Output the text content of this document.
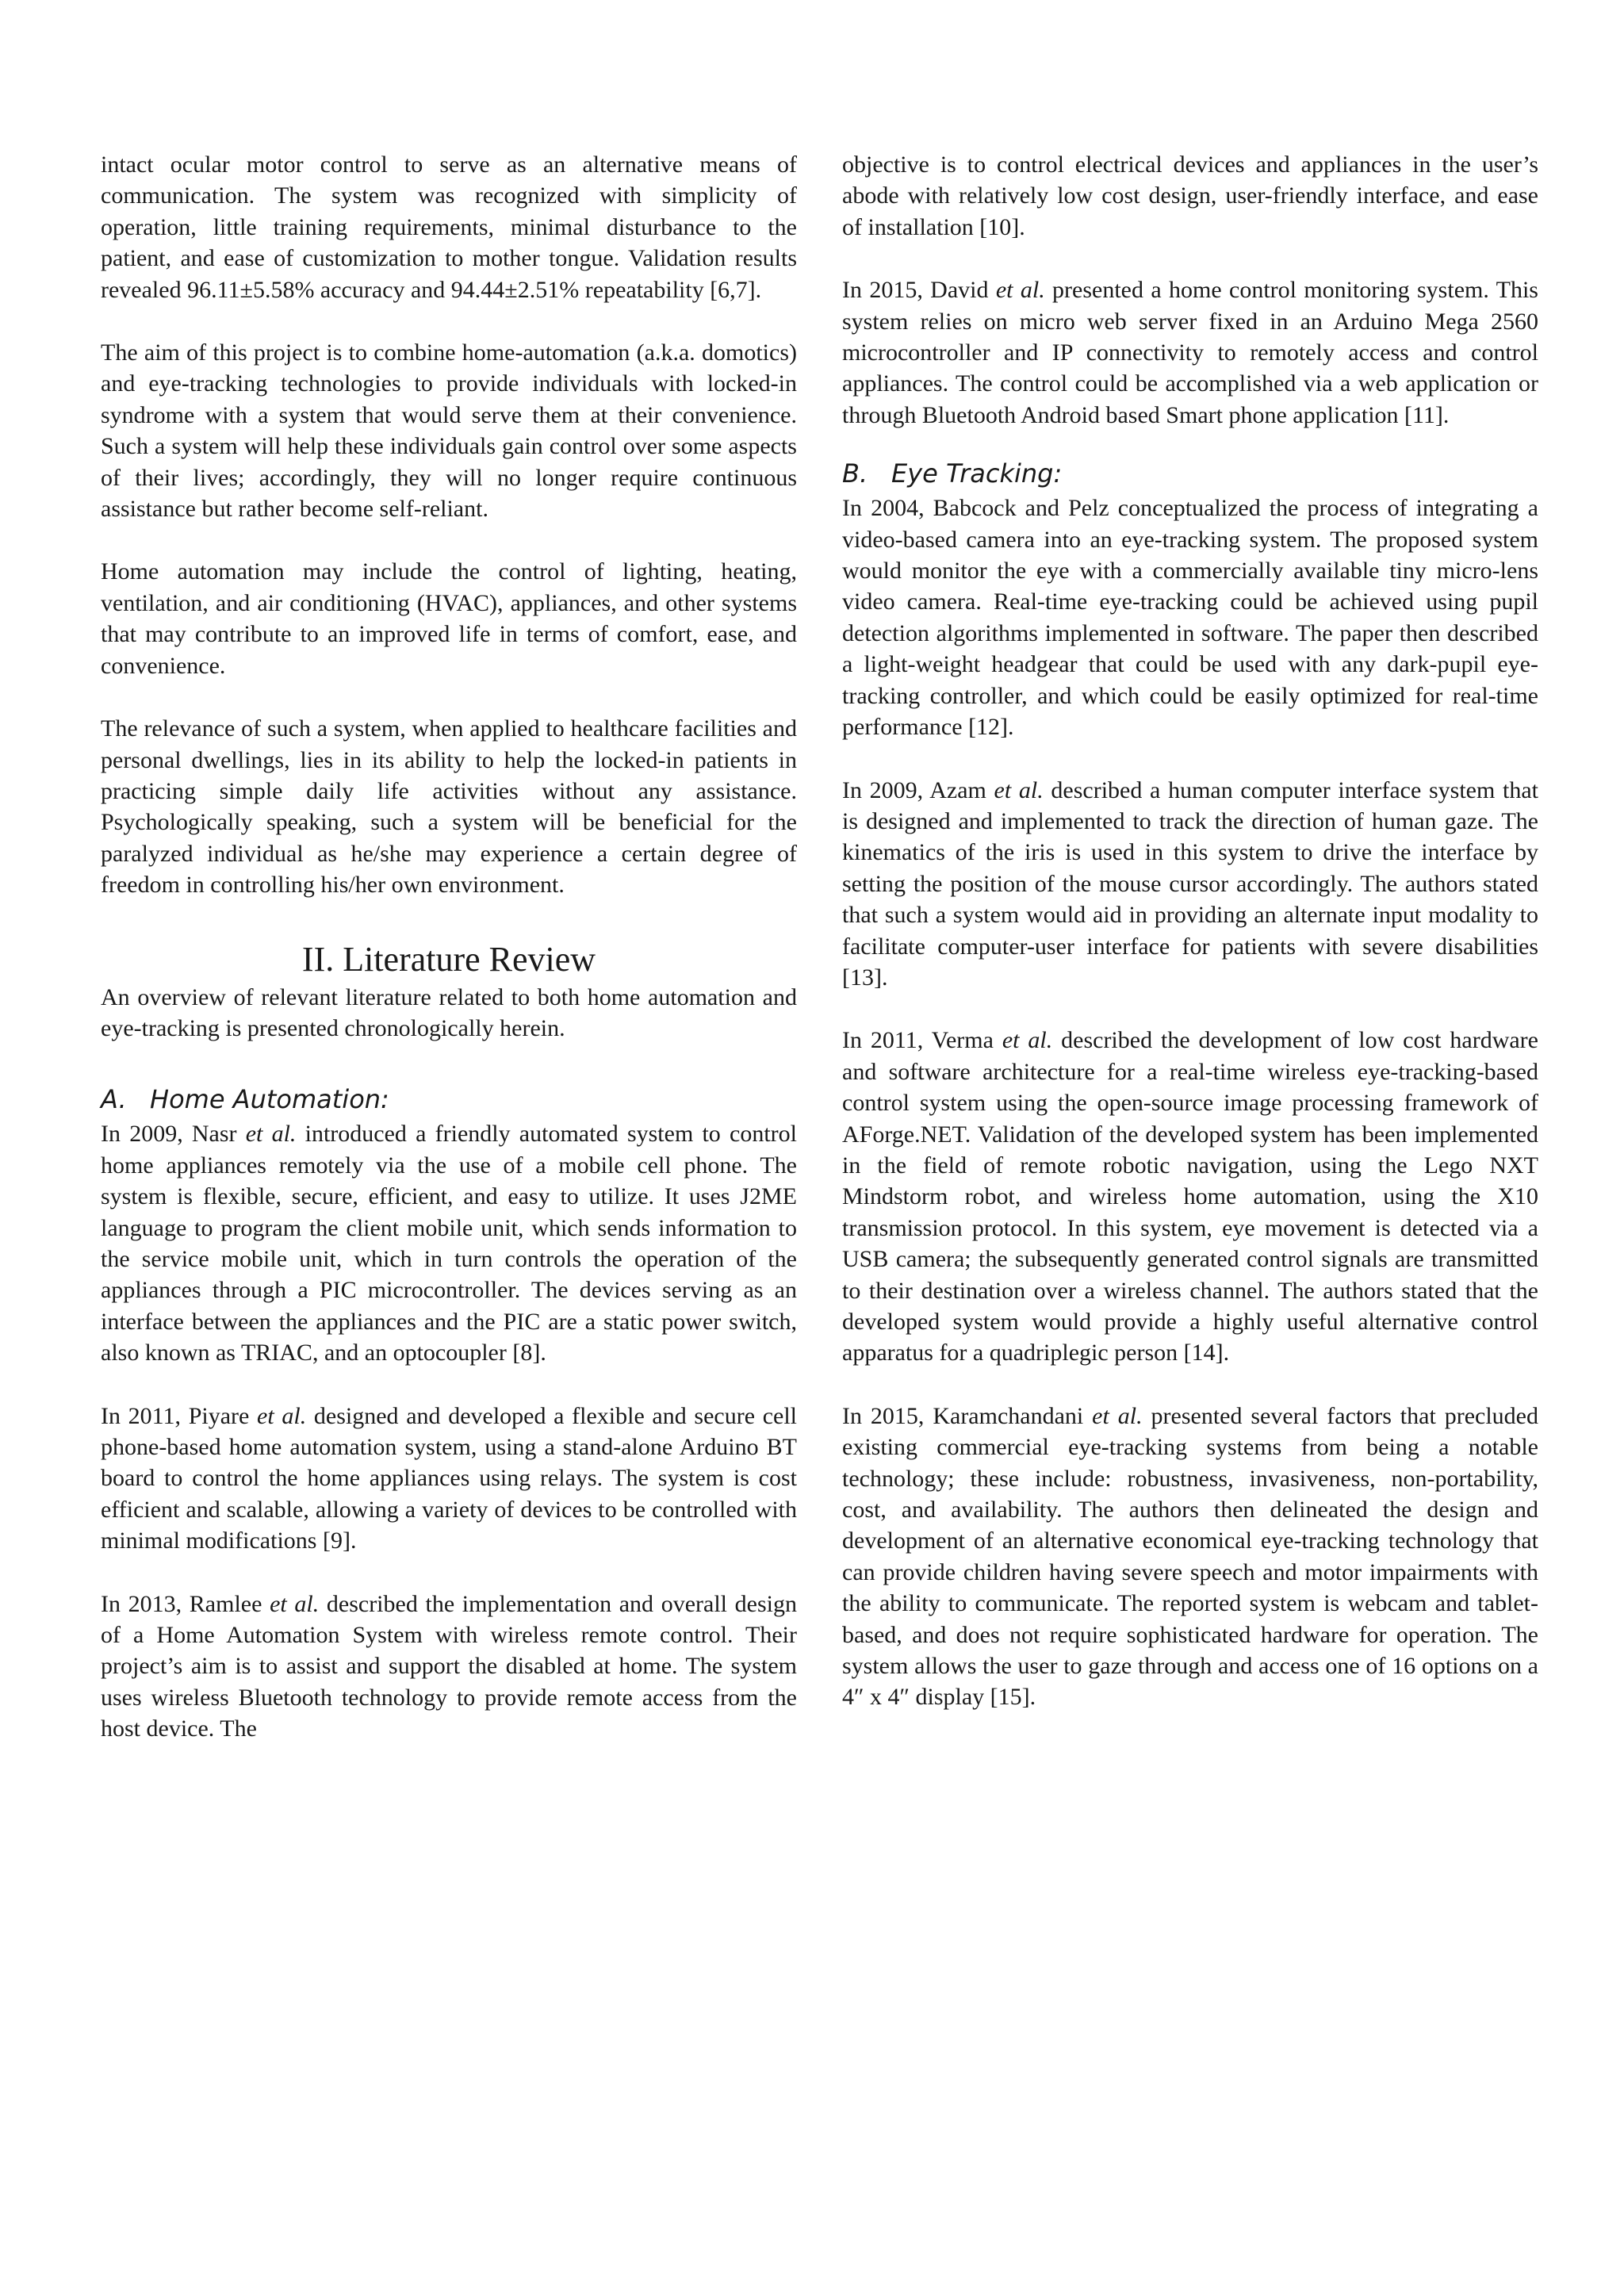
intact ocular motor control to serve as an alternative means of communication. The system was recognized with simplicity of operation, little training requirements, minimal disturbance to the patient, and ease of customization to mother tongue. Validation results revealed 96.11±5.58% accuracy and 94.44±2.51% repeatability [6,7].

The aim of this project is to combine home-automation (a.k.a. domotics) and eye-tracking technologies to provide individuals with locked-in syndrome with a system that would serve them at their convenience. Such a system will help these individuals gain control over some aspects of their lives; accordingly, they will no longer require continuous assistance but rather become self-reliant.

Home automation may include the control of lighting, heating, ventilation, and air conditioning (HVAC), appliances, and other systems that may contribute to an improved life in terms of comfort, ease, and convenience.

The relevance of such a system, when applied to healthcare facilities and personal dwellings, lies in its ability to help the locked-in patients in practicing simple daily life activities without any assistance. Psychologically speaking, such a system will be beneficial for the paralyzed individual as he/she may experience a certain degree of freedom in controlling his/her own environment.

II. Literature Review

An overview of relevant literature related to both home automation and eye-tracking is presented chronologically herein.

A. Home Automation:

In 2009, Nasr et al. introduced a friendly automated system to control home appliances remotely via the use of a mobile cell phone. The system is flexible, secure, efficient, and easy to utilize. It uses J2ME language to program the client mobile unit, which sends information to the service mobile unit, which in turn controls the operation of the appliances through a PIC microcontroller. The devices serving as an interface between the appliances and the PIC are a static power switch, also known as TRIAC, and an optocoupler [8].

In 2011, Piyare et al. designed and developed a flexible and secure cell phone-based home automation system, using a stand-alone Arduino BT board to control the home appliances using relays. The system is cost efficient and scalable, allowing a variety of devices to be controlled with minimal modifications [9].

In 2013, Ramlee et al. described the implementation and overall design of a Home Automation System with wireless remote control. Their project’s aim is to assist and support the disabled at home. The system uses wireless Bluetooth technology to provide remote access from the host device. The

objective is to control electrical devices and appliances in the user’s abode with relatively low cost design, user-friendly interface, and ease of installation [10].

In 2015, David et al. presented a home control monitoring system. This system relies on micro web server fixed in an Arduino Mega 2560 microcontroller and IP connectivity to remotely access and control appliances. The control could be accomplished via a web application or through Bluetooth Android based Smart phone application [11].

B. Eye Tracking:

In 2004, Babcock and Pelz conceptualized the process of integrating a video-based camera into an eye-tracking system. The proposed system would monitor the eye with a commercially available tiny micro-lens video camera. Real-time eye-tracking could be achieved using pupil detection algorithms implemented in software. The paper then described a light-weight headgear that could be used with any dark-pupil eye-tracking controller, and which could be easily optimized for real-time performance [12].

In 2009, Azam et al. described a human computer interface system that is designed and implemented to track the direction of human gaze. The kinematics of the iris is used in this system to drive the interface by setting the position of the mouse cursor accordingly. The authors stated that such a system would aid in providing an alternate input modality to facilitate computer-user interface for patients with severe disabilities [13].

In 2011, Verma et al. described the development of low cost hardware and software architecture for a real-time wireless eye-tracking-based control system using the open-source image processing framework of AForge.NET. Validation of the developed system has been implemented in the field of remote robotic navigation, using the Lego NXT Mindstorm robot, and wireless home automation, using the X10 transmission protocol. In this system, eye movement is detected via a USB camera; the subsequently generated control signals are transmitted to their destination over a wireless channel. The authors stated that the developed system would provide a highly useful alternative control apparatus for a quadriplegic person [14].

In 2015, Karamchandani et al. presented several factors that precluded existing commercial eye-tracking systems from being a notable technology; these include: robustness, invasiveness, non-portability, cost, and availability. The authors then delineated the design and development of an alternative economical eye-tracking technology that can provide children having severe speech and motor impairments with the ability to communicate. The reported system is webcam and tablet-based, and does not require sophisticated hardware for operation. The system allows the user to gaze through and access one of 16 options on a 4″ x 4″ display [15].
